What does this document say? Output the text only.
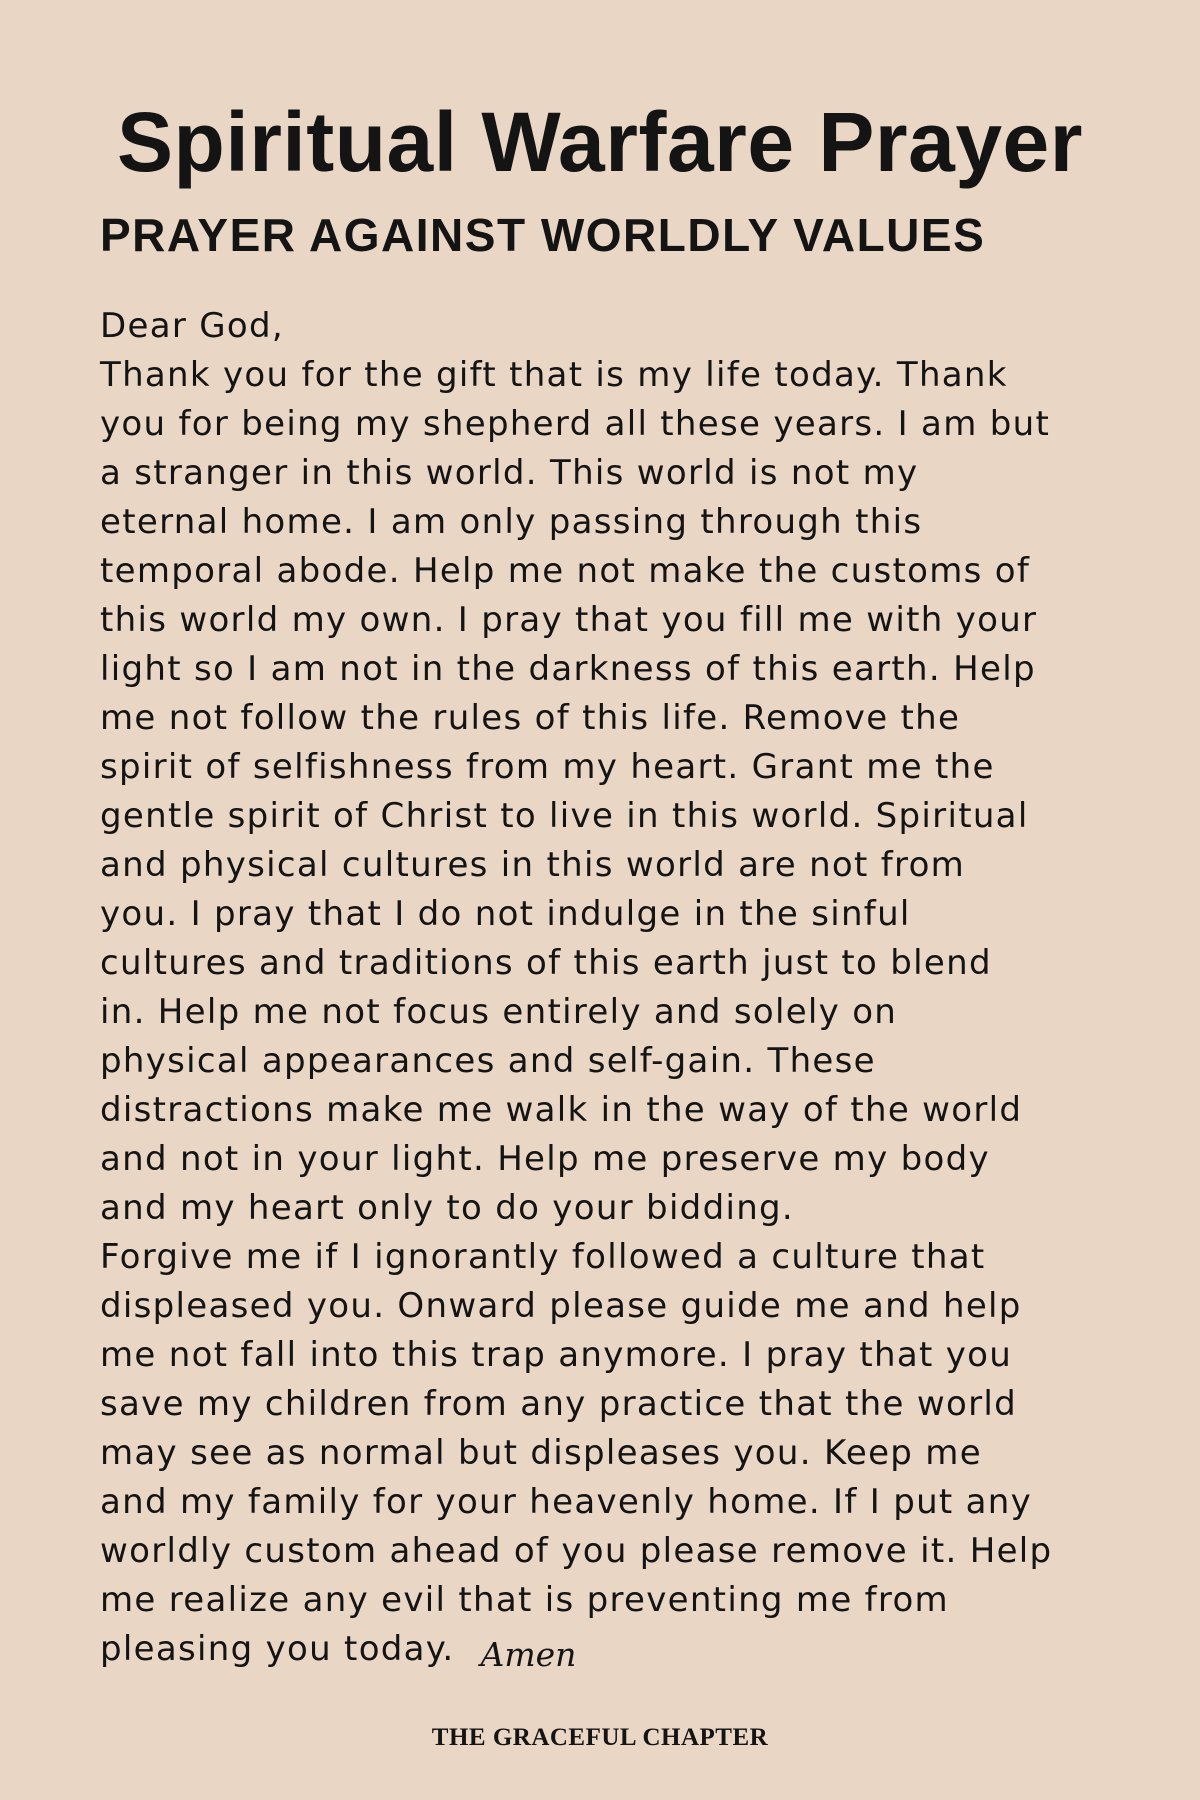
Spiritual Warfare Prayer
PRAYER AGAINST WORLDLY VALUES
Dear God,
Thank you for the gift that is my life today. Thank
you for being my shepherd all these years. I am but
a stranger in this world. This world is not my
eternal home. I am only passing through this
temporal abode. Help me not make the customs of
this world my own. I pray that you fill me with your
light so I am not in the darkness of this earth. Help
me not follow the rules of this life. Remove the
spirit of selfishness from my heart. Grant me the
gentle spirit of Christ to live in this world. Spiritual
and physical cultures in this world are not from
you. I pray that I do not indulge in the sinful
cultures and traditions of this earth just to blend
in. Help me not focus entirely and solely on
physical appearances and self-gain. These
distractions make me walk in the way of the world
and not in your light. Help me preserve my body
and my heart only to do your bidding.
Forgive me if I ignorantly followed a culture that
displeased you. Onward please guide me and help
me not fall into this trap anymore. I pray that you
save my children from any practice that the world
may see as normal but displeases you. Keep me
and my family for your heavenly home. If I put any
worldly custom ahead of you please remove it. Help
me realize any evil that is preventing me from
pleasing you today. Amen
THE GRACEFUL CHAPTER
